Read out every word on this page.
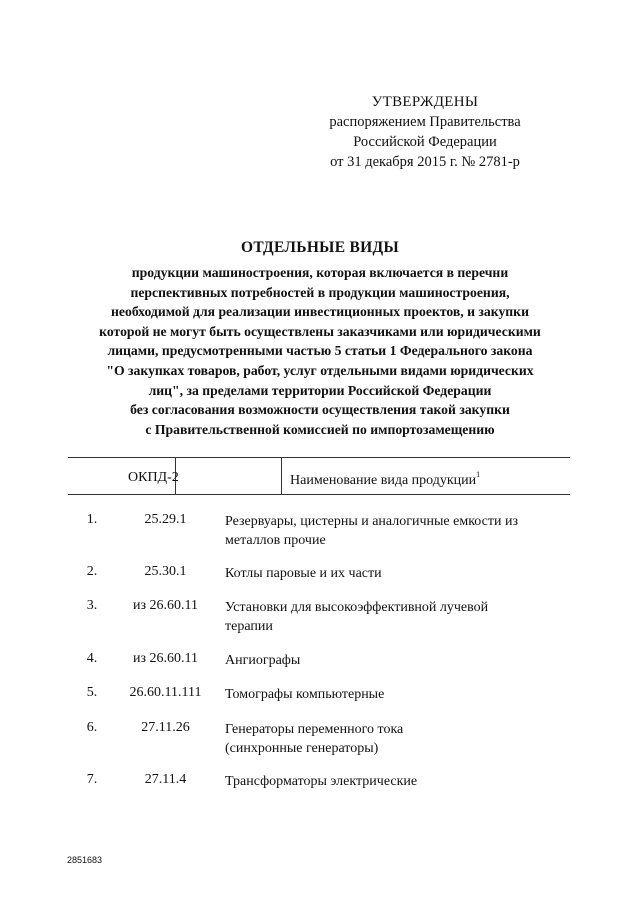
УТВЕРЖДЕНЫ
распоряжением Правительства
Российской Федерации
от 31 декабря 2015 г. № 2781-р
ОТДЕЛЬНЫЕ ВИДЫ
продукции машиностроения, которая включается в перечни
перспективных потребностей в продукции машиностроения,
необходимой для реализации инвестиционных проектов, и закупки
которой не могут быть осуществлены заказчиками или юридическими
лицами, предусмотренными частью 5 статьи 1 Федерального закона
"О закупках товаров, работ, услуг отдельными видами юридических
лиц", за пределами территории Российской Федерации
без согласования возможности осуществления такой закупки
с Правительственной комиссией по импортозамещению
ОКПД-2	Наименование вида продукции$^1$
1.	25.29.1	Резервуары, цистерны и аналогичные емкости из
металлов прочие
2.	25.30.1	Котлы паровые и их части
3.	из 26.60.11	Установки для высокоэффективной лучевой
терапии
4.	из 26.60.11	Ангиографы
5.	26.60.11.111	Томографы компьютерные
6.	27.11.26	Генераторы переменного тока
(синхронные генераторы)
7.	27.11.4	Трансформаторы электрические
2851683
